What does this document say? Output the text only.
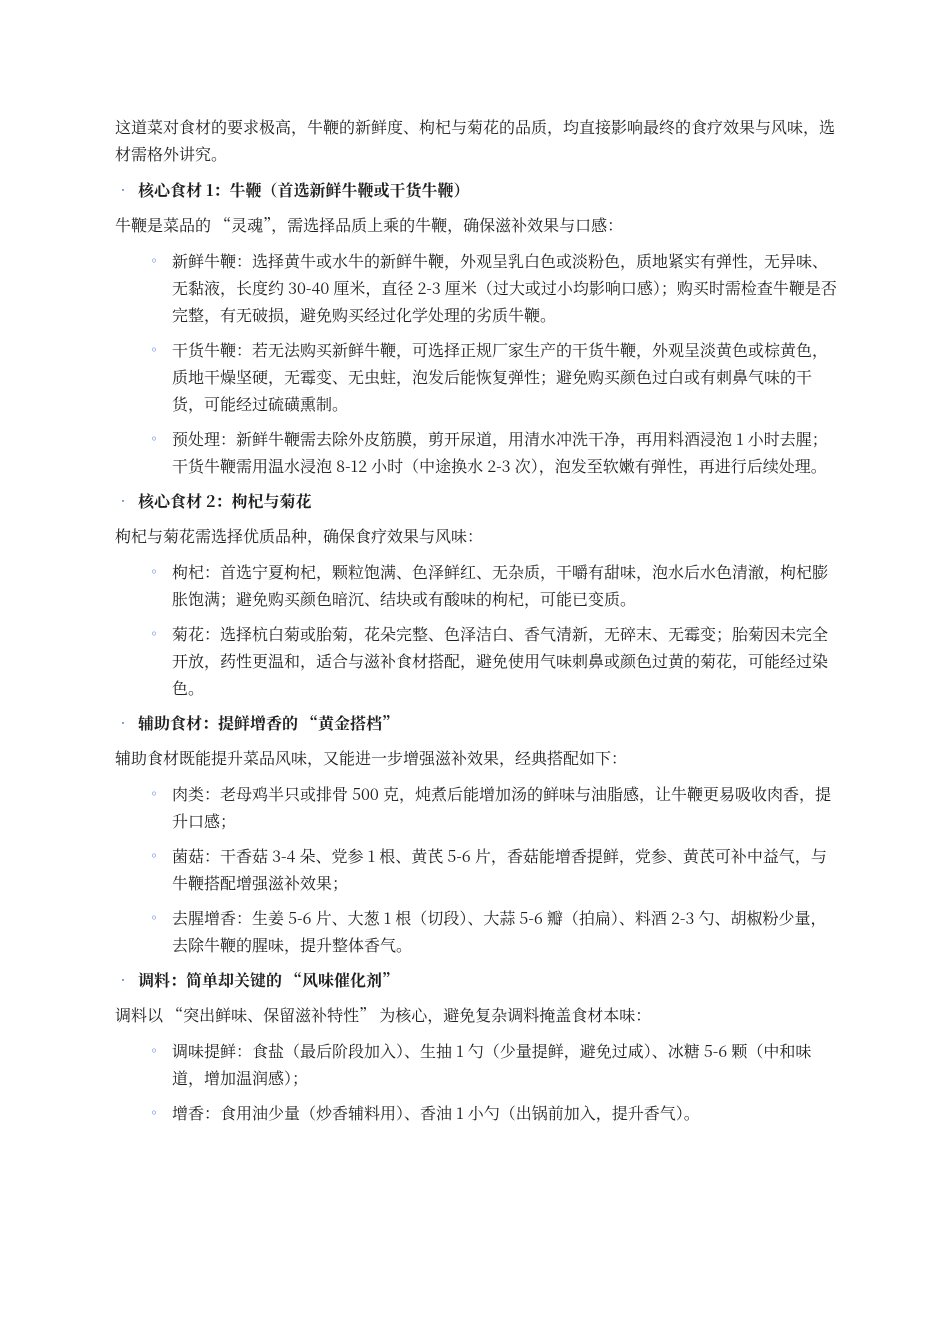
这道菜对食材的要求极高，牛鞭的新鲜度、枸杞与菊花的品质，均直接影响最终的食疗效果与风味，选材需格外讲究。

• 核心食材 1：牛鞭（首选新鲜牛鞭或干货牛鞭）

牛鞭是菜品的 “灵魂”，需选择品质上乘的牛鞭，确保滋补效果与口感：

◦ 新鲜牛鞭：选择黄牛或水牛的新鲜牛鞭，外观呈乳白色或淡粉色，质地紧实有弹性，无异味、无黏液，长度约 30-40 厘米，直径 2-3 厘米（过大或过小均影响口感）；购买时需检查牛鞭是否完整，有无破损，避免购买经过化学处理的劣质牛鞭。
◦ 干货牛鞭：若无法购买新鲜牛鞭，可选择正规厂家生产的干货牛鞭，外观呈淡黄色或棕黄色，质地干燥坚硬，无霉变、无虫蛀，泡发后能恢复弹性；避免购买颜色过白或有刺鼻气味的干货，可能经过硫磺熏制。
◦ 预处理：新鲜牛鞭需去除外皮筋膜，剪开尿道，用清水冲洗干净，再用料酒浸泡 1 小时去腥；干货牛鞭需用温水浸泡 8-12 小时（中途换水 2-3 次），泡发至软嫩有弹性，再进行后续处理。
• 核心食材 2：枸杞与菊花

枸杞与菊花需选择优质品种，确保食疗效果与风味：

◦ 枸杞：首选宁夏枸杞，颗粒饱满、色泽鲜红、无杂质，干嚼有甜味，泡水后水色清澈，枸杞膨胀饱满；避免购买颜色暗沉、结块或有酸味的枸杞，可能已变质。
◦ 菊花：选择杭白菊或胎菊，花朵完整、色泽洁白、香气清新，无碎末、无霉变；胎菊因未完全开放，药性更温和，适合与滋补食材搭配，避免使用气味刺鼻或颜色过黄的菊花，可能经过染色。
• 辅助食材：提鲜增香的 “黄金搭档”

辅助食材既能提升菜品风味，又能进一步增强滋补效果，经典搭配如下：

◦ 肉类：老母鸡半只或排骨 500 克，炖煮后能增加汤的鲜味与油脂感，让牛鞭更易吸收肉香，提升口感；
◦ 菌菇：干香菇 3-4 朵、党参 1 根、黄芪 5-6 片，香菇能增香提鲜，党参、黄芪可补中益气，与牛鞭搭配增强滋补效果；
◦ 去腥增香：生姜 5-6 片、大葱 1 根（切段）、大蒜 5-6 瓣（拍扁）、料酒 2-3 勺、胡椒粉少量，去除牛鞭的腥味，提升整体香气。
• 调料：简单却关键的 “风味催化剂”

调料以 “突出鲜味、保留滋补特性” 为核心，避免复杂调料掩盖食材本味：

◦ 调味提鲜：食盐（最后阶段加入）、生抽 1 勺（少量提鲜，避免过咸）、冰糖 5-6 颗（中和味道，增加温润感）；
◦ 增香：食用油少量（炒香辅料用）、香油 1 小勺（出锅前加入，提升香气）。
